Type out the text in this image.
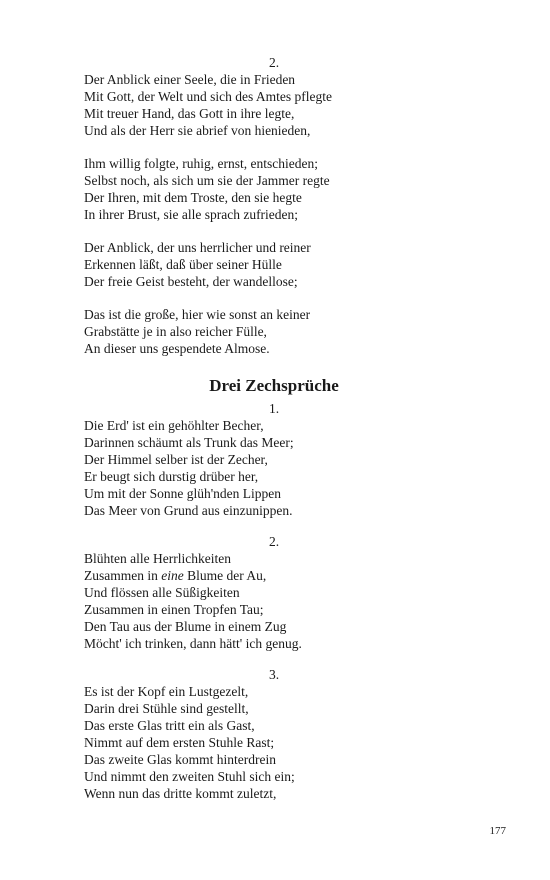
2.
Der Anblick einer Seele, die in Frieden
Mit Gott, der Welt und sich des Amtes pflegte
Mit treuer Hand, das Gott in ihre legte,
Und als der Herr sie abrief von hienieden,
Ihm willig folgte, ruhig, ernst, entschieden;
Selbst noch, als sich um sie der Jammer regte
Der Ihren, mit dem Troste, den sie hegte
In ihrer Brust, sie alle sprach zufrieden;
Der Anblick, der uns herrlicher und reiner
Erkennen läßt, daß über seiner Hülle
Der freie Geist besteht, der wandellose;
Das ist die große, hier wie sonst an keiner
Grabstätte je in also reicher Fülle,
An dieser uns gespendete Almose.
Drei Zechsprüche
1.
Die Erd' ist ein gehöhlter Becher,
Darinnen schäumt als Trunk das Meer;
Der Himmel selber ist der Zecher,
Er beugt sich durstig drüber her,
Um mit der Sonne glüh'nden Lippen
Das Meer von Grund aus einzunippen.
2.
Blühten alle Herrlichkeiten
Zusammen in eine Blume der Au,
Und flössen alle Süßigkeiten
Zusammen in einen Tropfen Tau;
Den Tau aus der Blume in einem Zug
Möcht' ich trinken, dann hätt' ich genug.
3.
Es ist der Kopf ein Lustgezelt,
Darin drei Stühle sind gestellt,
Das erste Glas tritt ein als Gast,
Nimmt auf dem ersten Stuhle Rast;
Das zweite Glas kommt hinterdrein
Und nimmt den zweiten Stuhl sich ein;
Wenn nun das dritte kommt zuletzt,
177
